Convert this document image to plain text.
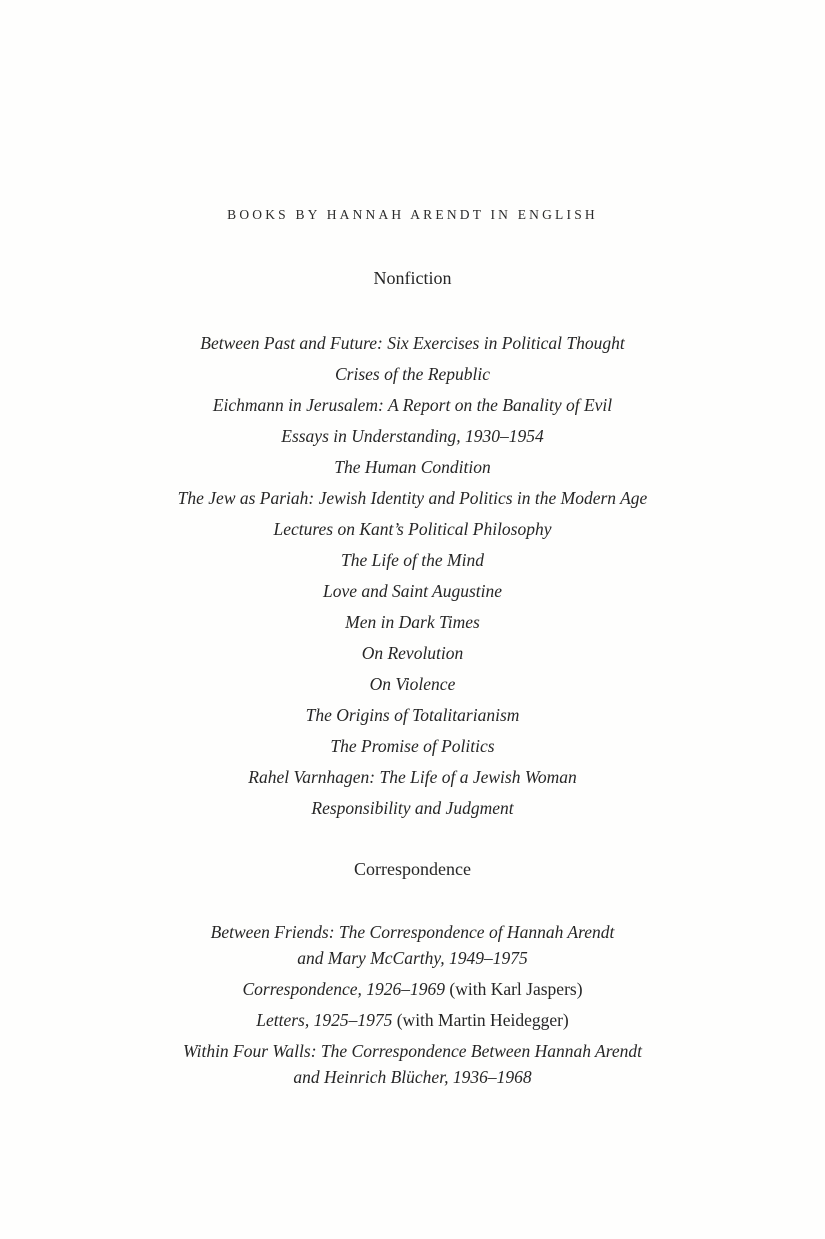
BOOKS BY HANNAH ARENDT IN ENGLISH
Nonfiction
Between Past and Future: Six Exercises in Political Thought
Crises of the Republic
Eichmann in Jerusalem: A Report on the Banality of Evil
Essays in Understanding, 1930–1954
The Human Condition
The Jew as Pariah: Jewish Identity and Politics in the Modern Age
Lectures on Kant’s Political Philosophy
The Life of the Mind
Love and Saint Augustine
Men in Dark Times
On Revolution
On Violence
The Origins of Totalitarianism
The Promise of Politics
Rahel Varnhagen: The Life of a Jewish Woman
Responsibility and Judgment
Correspondence
Between Friends: The Correspondence of Hannah Arendt
and Mary McCarthy, 1949–1975
Correspondence, 1926–1969 (with Karl Jaspers)
Letters, 1925–1975 (with Martin Heidegger)
Within Four Walls: The Correspondence Between Hannah Arendt
and Heinrich Blücher, 1936–1968
